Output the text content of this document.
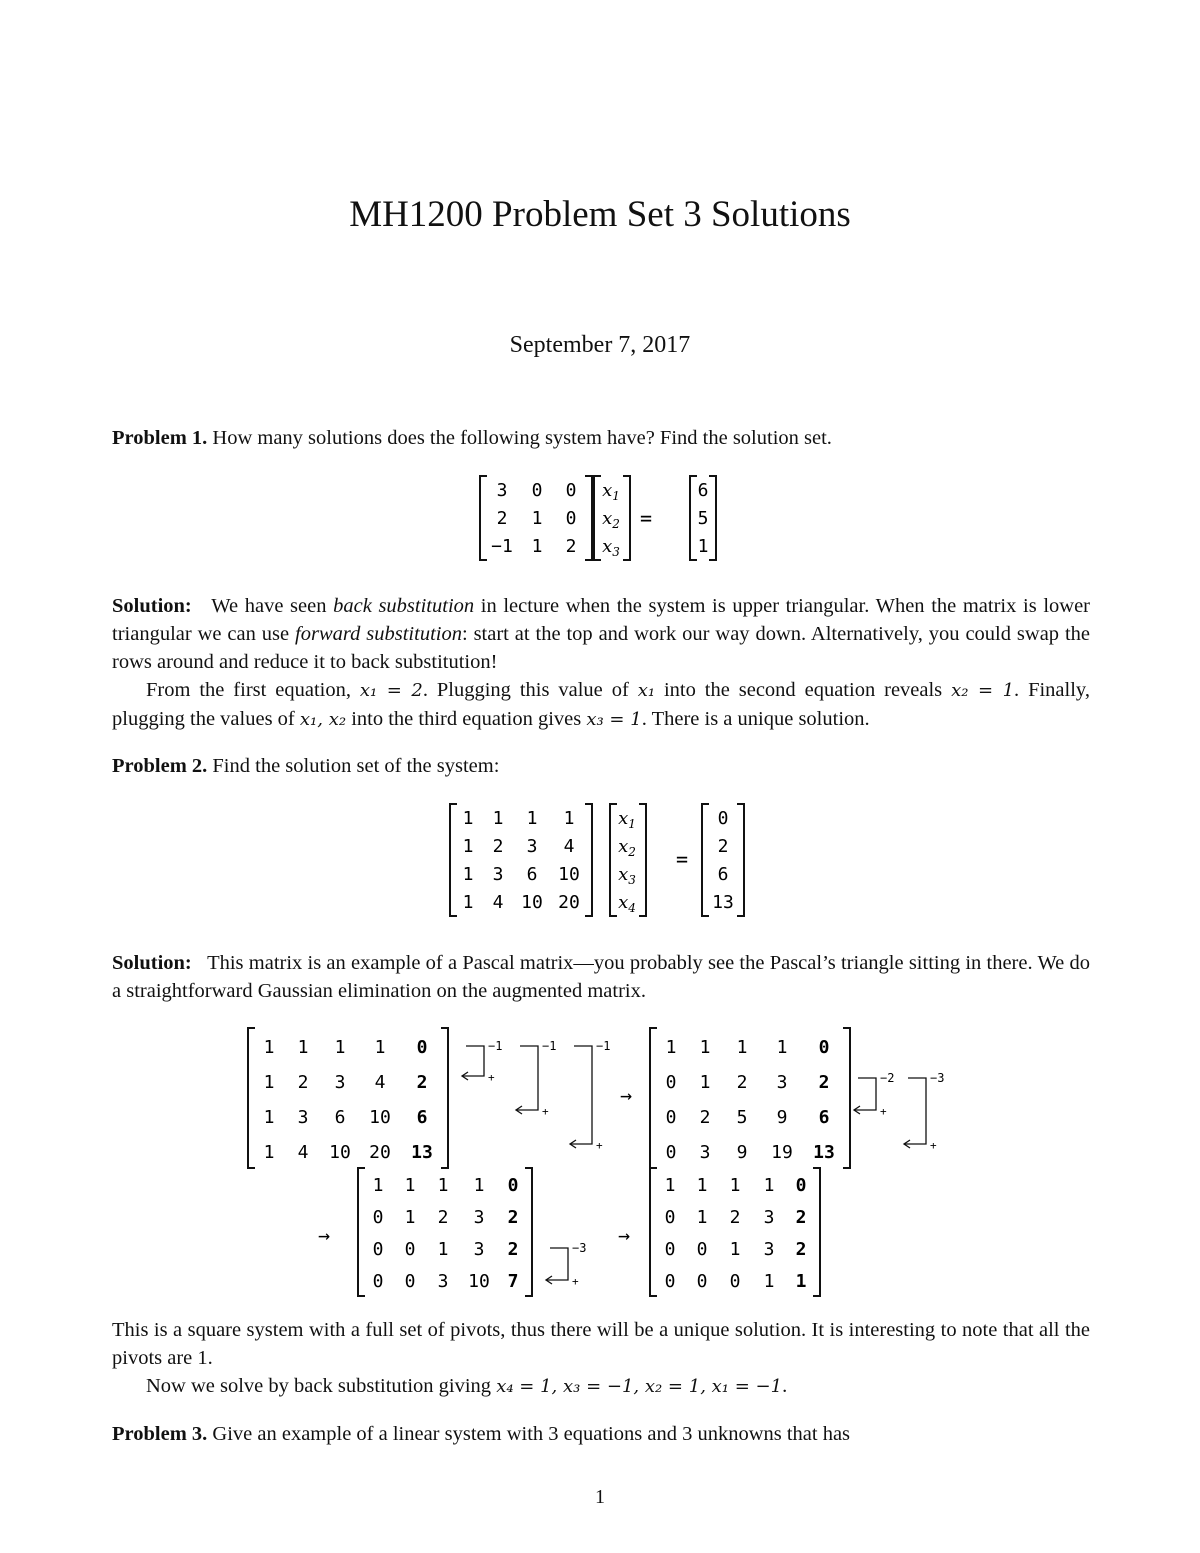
MH1200 Problem Set 3 Solutions
September 7, 2017
Problem 1. How many solutions does the following system have? Find the solution set.
3 0 0
2 1 0
−1 1 2
$x_1$
$x_2$
$x_3$
6
5
1
=
Solution: We have seen back substitution in lecture when the system is upper triangular. When the matrix is lower triangular we can use forward substitution: start at the top and work our way down. Alternatively, you could swap the rows around and reduce it to back substitution!
From the first equation, x₁ = 2. Plugging this value of x₁ into the second equation reveals x₂ = 1. Finally, plugging the values of x₁, x₂ into the third equation gives x₃ = 1. There is a unique solution.
Problem 2. Find the solution set of the system:
1 1 1 1
1 2 3 4
1 3 6 10
1 4 10 20
$x_1$
$x_2$
$x_3$
$x_4$
0
2
6
13
=
Solution: This matrix is an example of a Pascal matrix—you probably see the Pascal’s triangle sitting in there. We do a straightforward Gaussian elimination on the augmented matrix.
1 1 1 1 0
1 2 3 4 2
1 3 6 10 6
1 4 10 20 13
−1
+
−1
+
−1
+
1 1 1 1 0
0 1 2 3 2
0 2 5 9 6
0 3 9 19 13
−2
+
−3
+
1 1 1 1 0
0 1 2 3 2
0 0 1 3 2
0 0 3 10 7
−3
+
1 1 1 1 0
0 1 2 3 2
0 0 1 3 2
0 0 0 1 1
→
→	→
This is a square system with a full set of pivots, thus there will be a unique solution. It is interesting to note that all the pivots are 1.
Now we solve by back substitution giving x₄ = 1, x₃ = −1, x₂ = 1, x₁ = −1.
Problem 3. Give an example of a linear system with 3 equations and 3 unknowns that has
1
